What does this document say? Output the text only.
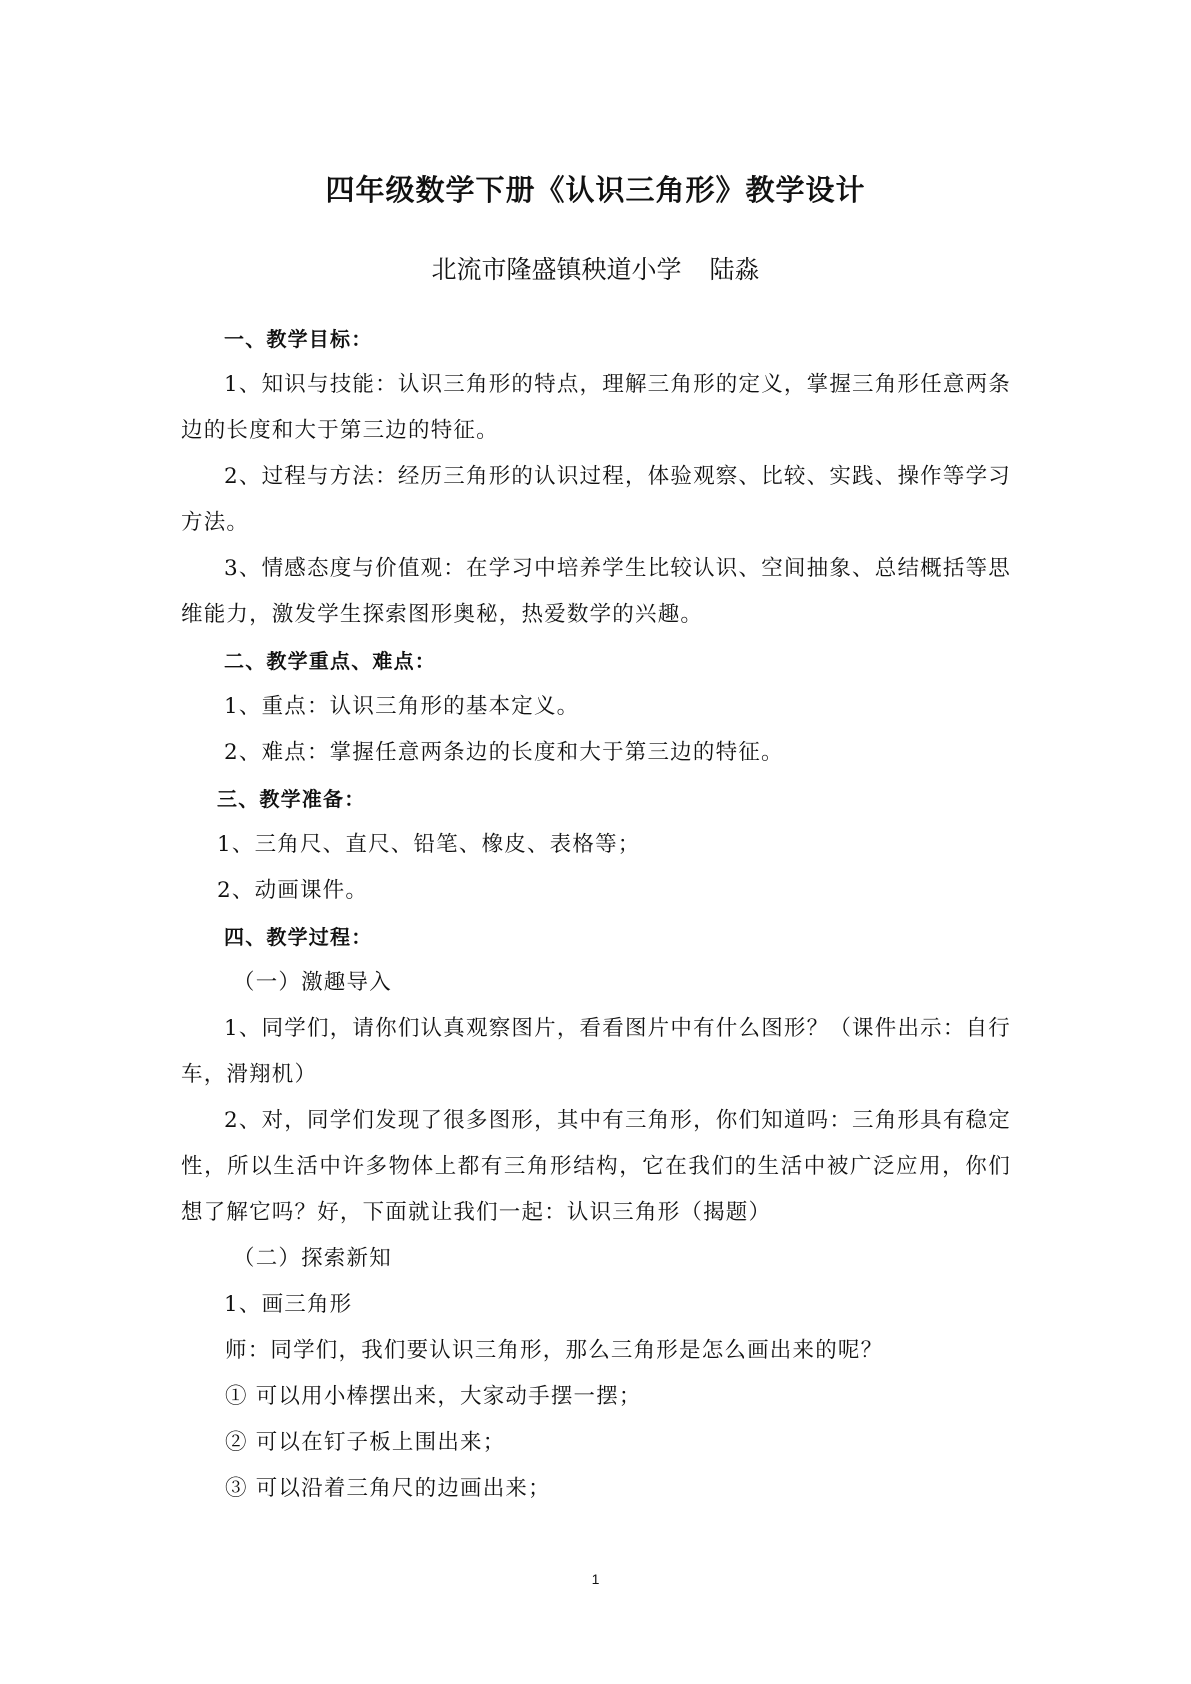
四年级数学下册《认识三角形》教学设计

北流市隆盛镇秧道小学 陆淼

一、教学目标：

1、知识与技能：认识三角形的特点，理解三角形的定义，掌握三角形任意两条边的长度和大于第三边的特征。

2、过程与方法：经历三角形的认识过程，体验观察、比较、实践、操作等学习方法。

3、情感态度与价值观：在学习中培养学生比较认识、空间抽象、总结概括等思维能力，激发学生探索图形奥秘，热爱数学的兴趣。

二、教学重点、难点：

1、重点：认识三角形的基本定义。

2、难点：掌握任意两条边的长度和大于第三边的特征。

三、教学准备：

1、三角尺、直尺、铅笔、橡皮、表格等；

2、动画课件。

四、教学过程：

（一）激趣导入

1、同学们，请你们认真观察图片，看看图片中有什么图形？（课件出示：自行车，滑翔机）

2、对，同学们发现了很多图形，其中有三角形，你们知道吗：三角形具有稳定性，所以生活中许多物体上都有三角形结构，它在我们的生活中被广泛应用，你们想了解它吗？好，下面就让我们一起：认识三角形（揭题）

（二）探索新知

1、画三角形

师：同学们，我们要认识三角形，那么三角形是怎么画出来的呢？

① 可以用小棒摆出来，大家动手摆一摆；

② 可以在钉子板上围出来；

③ 可以沿着三角尺的边画出来；

1
